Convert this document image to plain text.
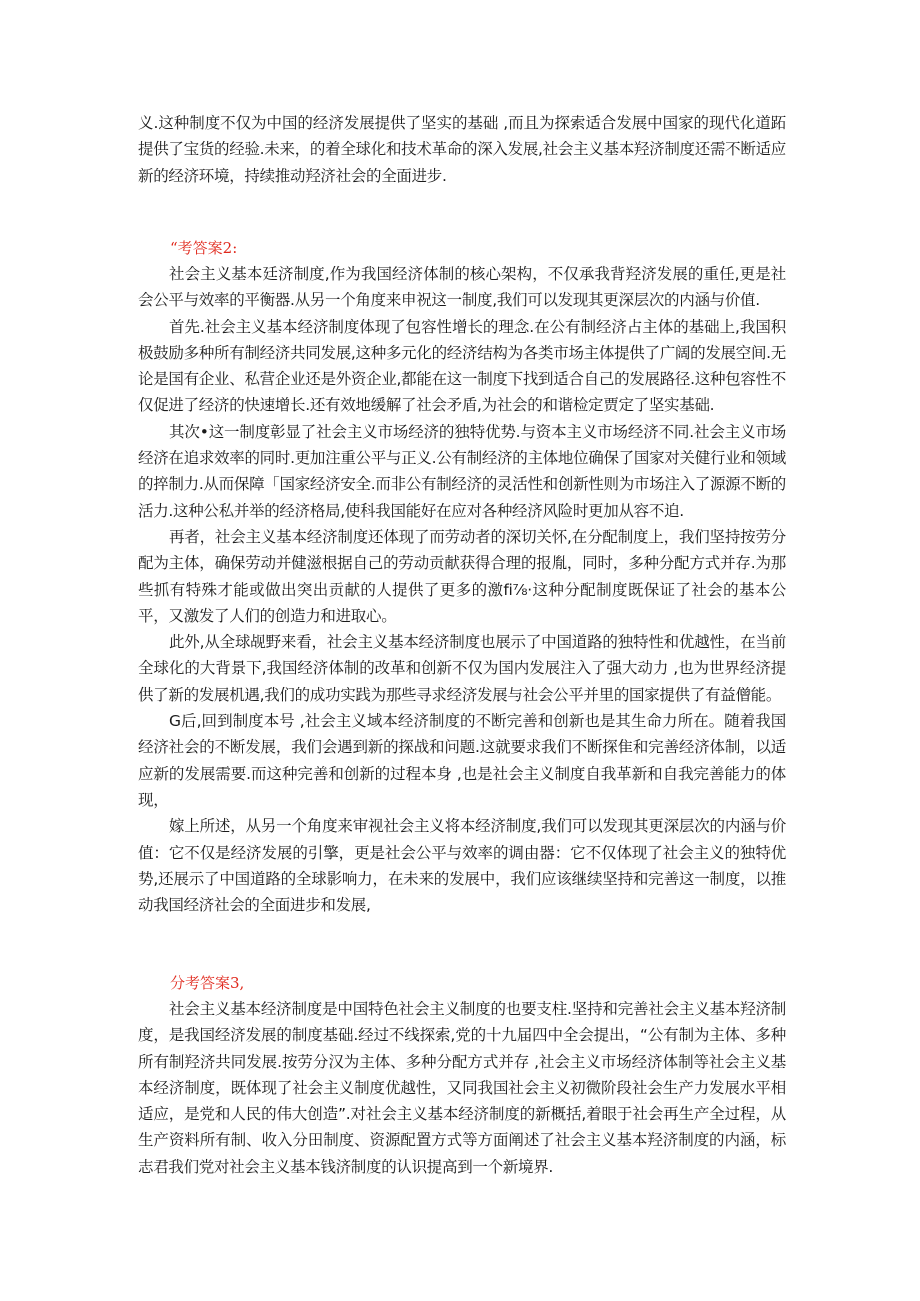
义.这种制度不仅为中国的经济发展提供了坚实的基础 ,而且为探索适合发展中国家的现代化道跖提供了宝货的经验.未来，的着全球化和技术革命的深入发展,社会主义基本羟济制度还需不断适应新的经济环境，持续推动羟济社会的全面进步.

“考答案2:

社会主义基本廷济制度,作为我国经济体制的核心架构，不仅承我背羟济发展的重任,更是社会公平与效率的平衡器.从另一个角度来申祝这一制度,我们可以发现其更深层次的内涵与价值.

首先.社会主义基本经济制度体现了包容性增长的理念.在公有制经济占主体的基础上,我国积极鼓励多种所有制经济共同发展,这种多元化的经济结构为各类市场主体提供了广阔的发展空间.无论是国有企业、私营企业还是外资企业,都能在这一制度下找到适合自己的发展路径.这种包容性不仅促进了经济的快速增长.还有效地缓解了社会矛盾,为社会的和谐检定贾定了坚实基础.

其次•这一制度彰显了社会主义市场经济的独特优势.与资本主义市场经济不同.社会主义市场经济在追求效率的同时.更加注重公平与正义.公有制经济的主体地位确保了国家对关健行业和领域的捽制力.从而保障「国家经济安全.而非公有制经济的灵活性和创新性则为市场注入了源源不断的活力.这种公私并举的经济格局,使科我国能好在应对各种经济风险时更加从容不迫.

再者，社会主义基本经济制度还体现了而劳动者的深切关怀,在分配制度上，我们坚持按劳分配为主体，确保劳动并健滋根据自己的劳动贡献获得合理的报胤，同时，多种分配方式并存.为那些抓有特殊才能或做出突出贡献的人提供了更多的激fi⅞·这种分配制度既保证了社会的基本公平，又激发了人们的创造力和进取心。

此外,从全球觇野来看，社会主义基本经济制度也展示了中国道路的独特性和优越性，在当前全球化的大背景下,我国经济体制的改革和创新不仅为国内发展注入了强大动力 ,也为世界经济提供了新的发展机遇,我们的成功实践为那些寻求经济发展与社会公平并里的国家提供了有益僧能。

G后,回到制度本号 ,社会主义域本经济制度的不断完善和创新也是其生命力所在。随着我国经济社会的不断发展，我们会遇到新的探战和问题.这就要求我们不断探隹和完善经济体制，以适应新的发展需要.而这种完善和创新的过程本身 ,也是社会主义制度自我革新和自我完善能力的体现，

嫁上所述，从另一个角度来审视社会主义将本经济制度,我们可以发现其更深层次的内涵与价值：它不仅是经济发展的引擎，更是社会公平与效率的调由器：它不仅体现了社会主义的独特优势,还展示了中国道路的全球影响力，在未来的发展中，我们应该继续坚持和完善这一制度，以推动我国经济社会的全面进步和发展,

分考答案3,

社会主义基本经济制度是中国特色社会主义制度的也要支柱.坚持和完善社会主义基本羟济制度，是我国经济发展的制度基础.经过不线探索,党的十九届四中全会提出，“公有制为主体、多种所有制羟济共同发展.按劳分汉为主体、多种分配方式并存 ,社会主义市场经济体制等社会主义基本经济制度，既体现了社会主义制度优越性，又同我国社会主义初微阶段社会生产力发展水平相适应，是党和人民的伟大创造”.对社会主义基本经济制度的新概括,着眼于社会再生产全过程，从生产资料所有制、收入分田制度、资源配置方式等方面阐述了社会主义基本羟济制度的内涵，标志君我们党对社会主义基本钱济制度的认识提高到一个新境界.
